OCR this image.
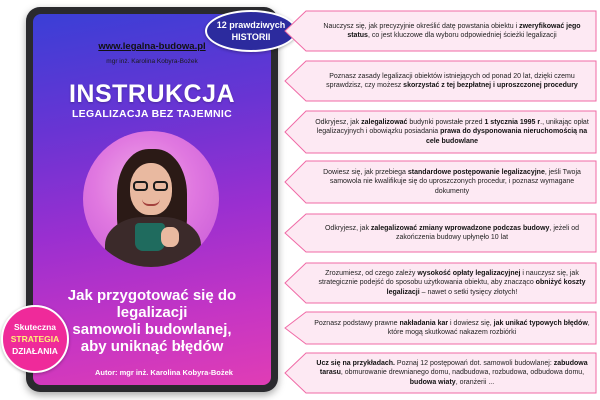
www.legalna-budowa.pl
mgr inż. Karolina Kobyra-Bożek
INSTRUKCJA
LEGALIZACJA BEZ TAJEMNIC
Jak przygotować się do legalizacji
samowoli budowlanej,
aby uniknąć błędów
Autor: mgr inż. Karolina Kobyra-Bożek
12 prawdziwych
HISTORII
Skuteczna
STRATEGIA
DZIAŁANIA
Nauczysz się, jak precyzyjnie określić datę powstania obiektu i zweryfikować jego status, co jest kluczowe dla wyboru odpowiedniej ścieżki legalizacji
Poznasz zasady legalizacji obiektów istniejących od ponad 20 lat, dzięki czemu sprawdzisz, czy możesz skorzystać z tej bezpłatnej i uproszczonej procedury
Odkryjesz, jak zalegalizować budynki powstałe przed 1 stycznia 1995 r., unikając opłat legalizacyjnych i obowiązku posiadania prawa do dysponowania nieruchomością na cele budowlane
Dowiesz się, jak przebiega standardowe postępowanie legalizacyjne, jeśli Twoja samowola nie kwalifikuje się do uproszczonych procedur, i poznasz wymagane dokumenty
Odkryjesz, jak zalegalizować zmiany wprowadzone podczas budowy, jeżeli od zakończenia budowy upłynęło 10 lat
Zrozumiesz, od czego zależy wysokość opłaty legalizacyjnej i nauczysz się, jak strategicznie podejść do sposobu użytkowania obiektu, aby znacząco obniżyć koszty legalizacji – nawet o setki tysięcy złotych!
Poznasz podstawy prawne nakładania kar i dowiesz się, jak unikać typowych błędów, które mogą skutkować nakazem rozbiórki
Ucz się na przykładach. Poznaj 12 postępowań dot. samowoli budowlanej: zabudowa tarasu, obmurowanie drewnianego domu, nadbudowa, rozbudowa, odbudowa domu, budowa wiaty, oranżerii ...
